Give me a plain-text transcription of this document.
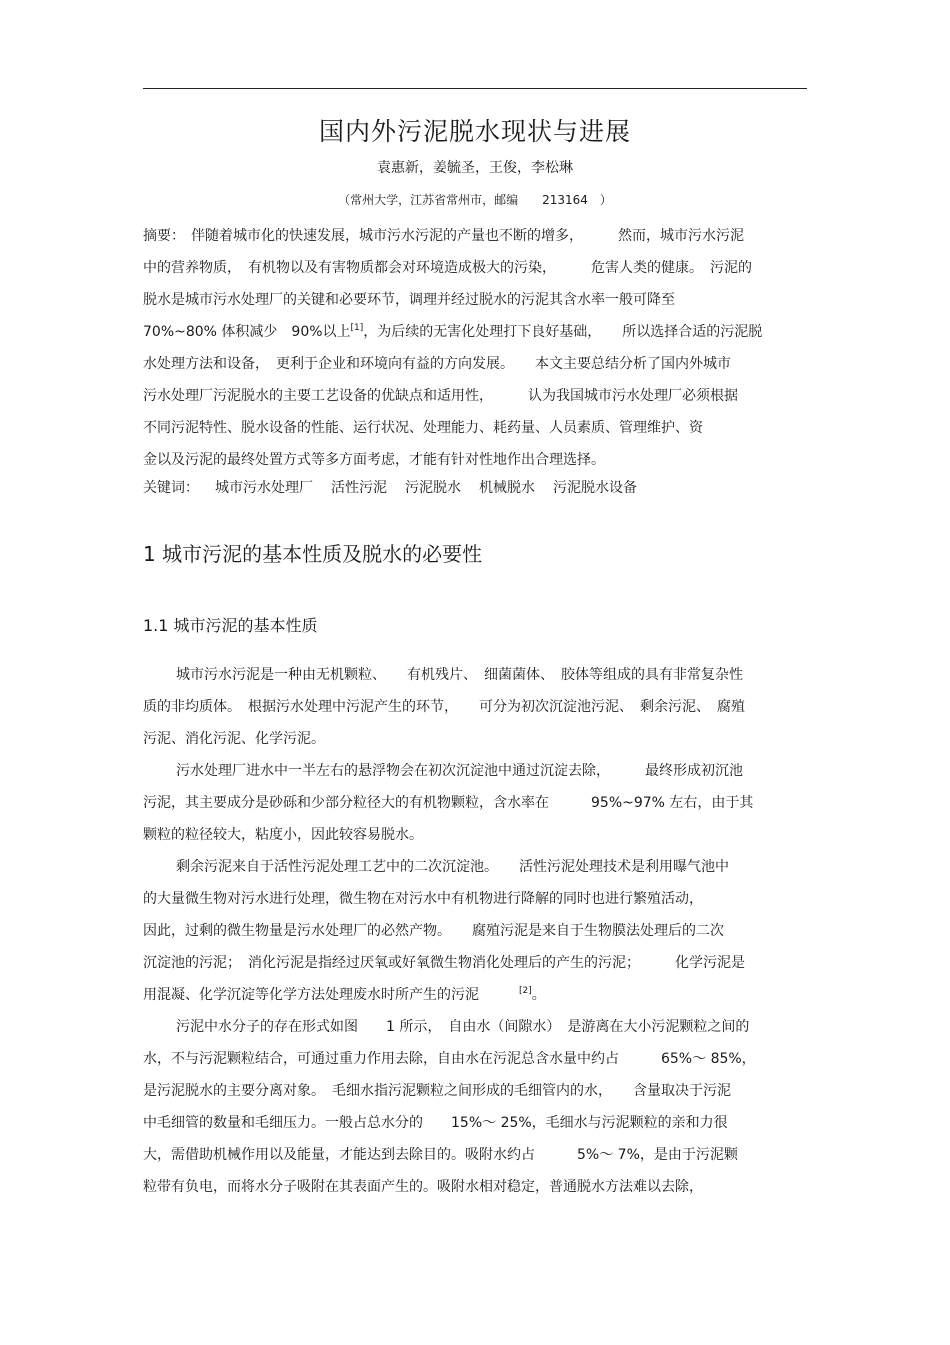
国内外污泥脱水现状与进展
袁惠新，姜毓圣，王俊，李松琳
（常州大学，江苏省常州市，邮编　　213164　）
摘要： 伴随着城市化的快速发展，城市污水污泥的产量也不断的增多，　　　然而，城市污水污泥
中的营养物质，　有机物以及有害物质都会对环境造成极大的污染，　　　危害人类的健康。　污泥的
脱水是城市污水处理厂的关键和必要环节，调理并经过脱水的污泥其含水率一般可降至
70%~80% 体积减少　90%以上[1]，为后续的无害化处理打下良好基础，　　所以选择合适的污泥脱
水处理方法和设备，　更利于企业和环境向有益的方向发展。　　本文主要总结分析了国内外城市
污水处理厂污泥脱水的主要工艺设备的优缺点和适用性，　　　认为我国城市污水处理厂必须根据
不同污泥特性、脱水设备的性能、运行状况、处理能力、耗药量、人员素质、管理维护、资
金以及污泥的最终处置方式等多方面考虑，才能有针对性地作出合理选择。
关键词： 城市污水处理厂 活性污泥 污泥脱水 机械脱水 污泥脱水设备
1 城市污泥的基本性质及脱水的必要性
1.1 城市污泥的基本性质
城市污水污泥是一种由无机颗粒、　　有机残片、　细菌菌体、　胶体等组成的具有非常复杂性
质的非均质体。　根据污水处理中污泥产生的环节，　　可分为初次沉淀池污泥、　剩余污泥、　腐殖
污泥、消化污泥、化学污泥。
污水处理厂进水中一半左右的悬浮物会在初次沉淀池中通过沉淀去除，　　　最终形成初沉池
污泥，其主要成分是砂砾和少部分粒径大的有机物颗粒，含水率在　　　95%~97% 左右，由于其
颗粒的粒径较大，粘度小，因此较容易脱水。
剩余污泥来自于活性污泥处理工艺中的二次沉淀池。　　活性污泥处理技术是利用曝气池中
的大量微生物对污水进行处理，微生物在对污水中有机物进行降解的同时也进行繁殖活动，
因此，过剩的微生物量是污水处理厂的必然产物。　　腐殖污泥是来自于生物膜法处理后的二次
沉淀池的污泥；　消化污泥是指经过厌氧或好氧微生物消化处理后的产生的污泥；　　　化学污泥是
用混凝、化学沉淀等化学方法处理废水时所产生的污泥	[2]。
污泥中水分子的存在形式如图　　1 所示，　自由水（间隙水）　是游离在大小污泥颗粒之间的
水，不与污泥颗粒结合，可通过重力作用去除，自由水在污泥总含水量中约占　　　65%～ 85%，
是污泥脱水的主要分离对象。　毛细水指污泥颗粒之间形成的毛细管内的水，　　含量取决于污泥
中毛细管的数量和毛细压力。一般占总水分的　　15%～ 25%，毛细水与污泥颗粒的亲和力很
大，需借助机械作用以及能量，才能达到去除目的。吸附水约占　　　5%～ 7%，是由于污泥颗
粒带有负电，而将水分子吸附在其表面产生的。吸附水相对稳定，普通脱水方法难以去除，
